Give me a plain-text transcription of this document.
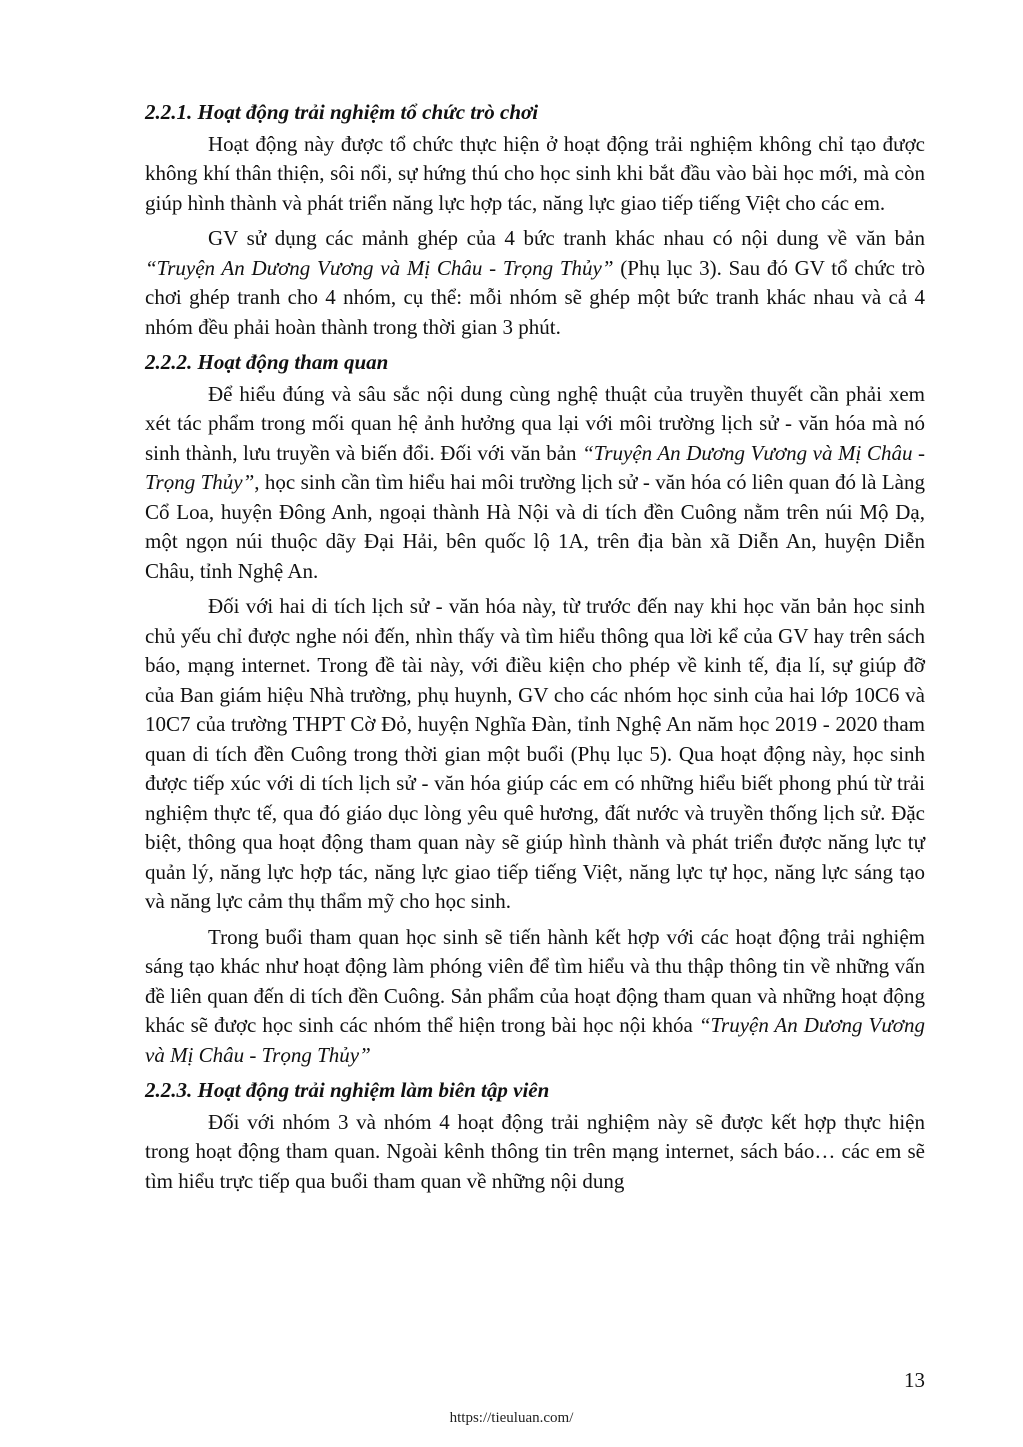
2.2.1. Hoạt động trải nghiệm tổ chức trò chơi

Hoạt động này được tổ chức thực hiện ở hoạt động trải nghiệm không chỉ tạo được không khí thân thiện, sôi nổi, sự hứng thú cho học sinh khi bắt đầu vào bài học mới, mà còn giúp hình thành và phát triển năng lực hợp tác, năng lực giao tiếp tiếng Việt cho các em.

GV sử dụng các mảnh ghép của 4 bức tranh khác nhau có nội dung về văn bản “Truyện An Dương Vương và Mị Châu - Trọng Thủy” (Phụ lục 3). Sau đó GV tổ chức trò chơi ghép tranh cho 4 nhóm, cụ thể: mỗi nhóm sẽ ghép một bức tranh khác nhau và cả 4 nhóm đều phải hoàn thành trong thời gian 3 phút.

2.2.2. Hoạt động tham quan

Để hiểu đúng và sâu sắc nội dung cùng nghệ thuật của truyền thuyết cần phải xem xét tác phẩm trong mối quan hệ ảnh hưởng qua lại với môi trường lịch sử - văn hóa mà nó sinh thành, lưu truyền và biến đổi. Đối với văn bản “Truyện An Dương Vương và Mị Châu - Trọng Thủy”, học sinh cần tìm hiểu hai môi trường lịch sử - văn hóa có liên quan đó là Làng Cổ Loa, huyện Đông Anh, ngoại thành Hà Nội và di tích đền Cuông nằm trên núi Mộ Dạ, một ngọn núi thuộc dãy Đại Hải, bên quốc lộ 1A, trên địa bàn xã Diễn An, huyện Diễn Châu, tỉnh Nghệ An.

Đối với hai di tích lịch sử - văn hóa này, từ trước đến nay khi học văn bản học sinh chủ yếu chỉ được nghe nói đến, nhìn thấy và tìm hiểu thông qua lời kể của GV hay trên sách báo, mạng internet. Trong đề tài này, với điều kiện cho phép về kinh tế, địa lí, sự giúp đỡ của Ban giám hiệu Nhà trường, phụ huynh, GV cho các nhóm học sinh của hai lớp 10C6 và 10C7 của trường THPT Cờ Đỏ, huyện Nghĩa Đàn, tỉnh Nghệ An năm học 2019 - 2020 tham quan di tích đền Cuông trong thời gian một buổi (Phụ lục 5). Qua hoạt động này, học sinh được tiếp xúc với di tích lịch sử - văn hóa giúp các em có những hiểu biết phong phú từ trải nghiệm thực tế, qua đó giáo dục lòng yêu quê hương, đất nước và truyền thống lịch sử. Đặc biệt, thông qua hoạt động tham quan này sẽ giúp hình thành và phát triển được năng lực tự quản lý, năng lực hợp tác, năng lực giao tiếp tiếng Việt, năng lực tự học, năng lực sáng tạo và năng lực cảm thụ thẩm mỹ cho học sinh.

Trong buổi tham quan học sinh sẽ tiến hành kết hợp với các hoạt động trải nghiệm sáng tạo khác như hoạt động làm phóng viên để tìm hiểu và thu thập thông tin về những vấn đề liên quan đến di tích đền Cuông. Sản phẩm của hoạt động tham quan và những hoạt động khác sẽ được học sinh các nhóm thể hiện trong bài học nội khóa “Truyện An Dương Vương và Mị Châu - Trọng Thủy”

2.2.3. Hoạt động trải nghiệm làm biên tập viên

Đối với nhóm 3 và nhóm 4 hoạt động trải nghiệm này sẽ được kết hợp thực hiện trong hoạt động tham quan. Ngoài kênh thông tin trên mạng internet, sách báo… các em sẽ tìm hiểu trực tiếp qua buổi tham quan về những nội dung

13
https://tieuluan.com/
